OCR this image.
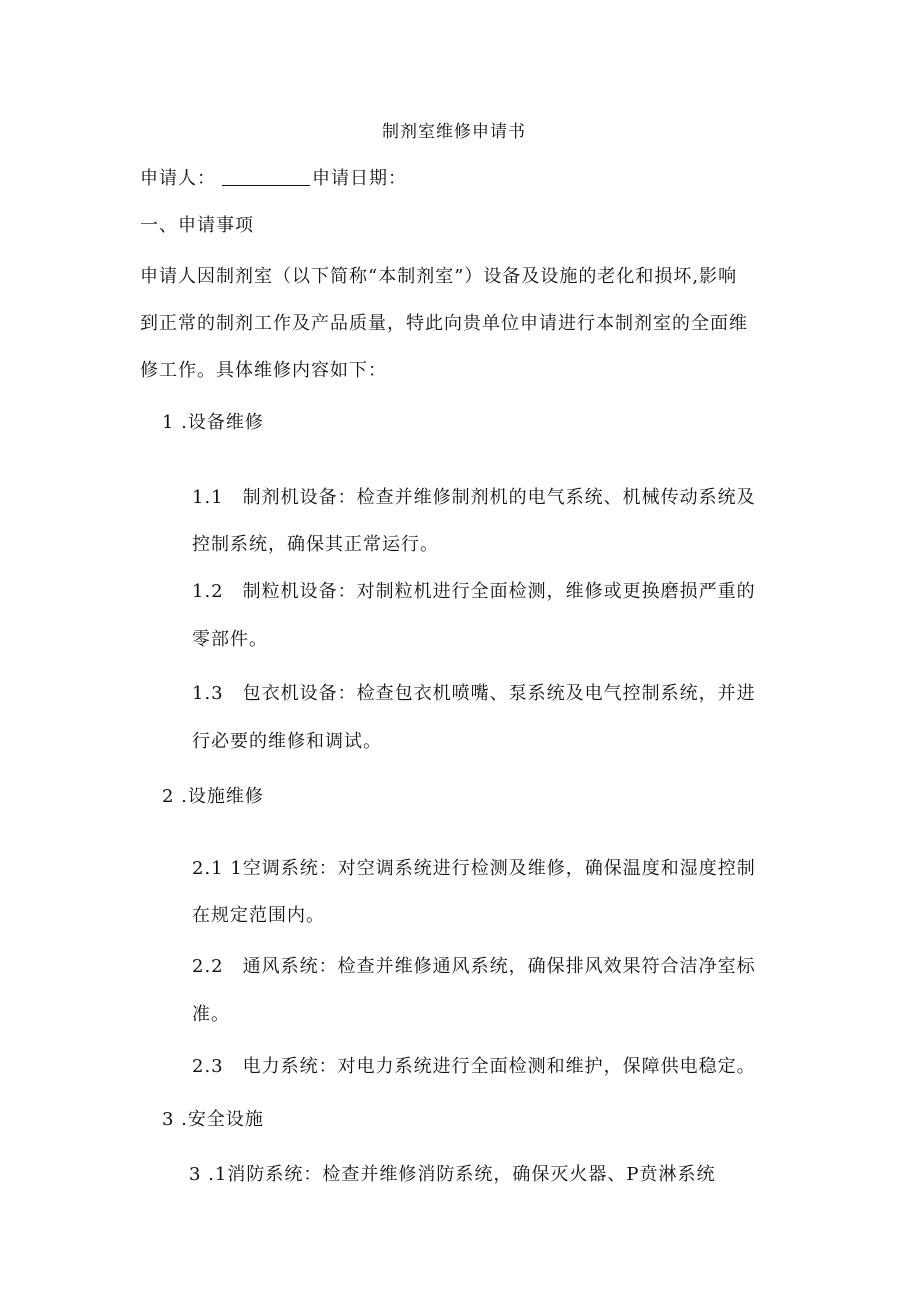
制剂室维修申请书
申请人：	申请日期：
一、申请事项
申请人因制剂室（以下简称“本制剂室”）设备及设施的老化和损坏,影响
到正常的制剂工作及产品质量，特此向贵单位申请进行本制剂室的全面维
修工作。具体维修内容如下：
1 .设备维修
1.1　制剂机设备：检查并维修制剂机的电气系统、机械传动系统及
控制系统，确保其正常运行。
1.2　制粒机设备：对制粒机进行全面检测，维修或更换磨损严重的
零部件。
1.3　包衣机设备：检查包衣机喷嘴、泵系统及电气控制系统，并进
行必要的维修和调试。
2 .设施维修
2.1 1空调系统：对空调系统进行检测及维修，确保温度和湿度控制
在规定范围内。
2.2　通风系统：检查并维修通风系统，确保排风效果符合洁净室标
准。
2.3　电力系统：对电力系统进行全面检测和维护，保障供电稳定。
3 .安全设施
3 .1消防系统：检查并维修消防系统，确保灭火器、P贲淋系统
